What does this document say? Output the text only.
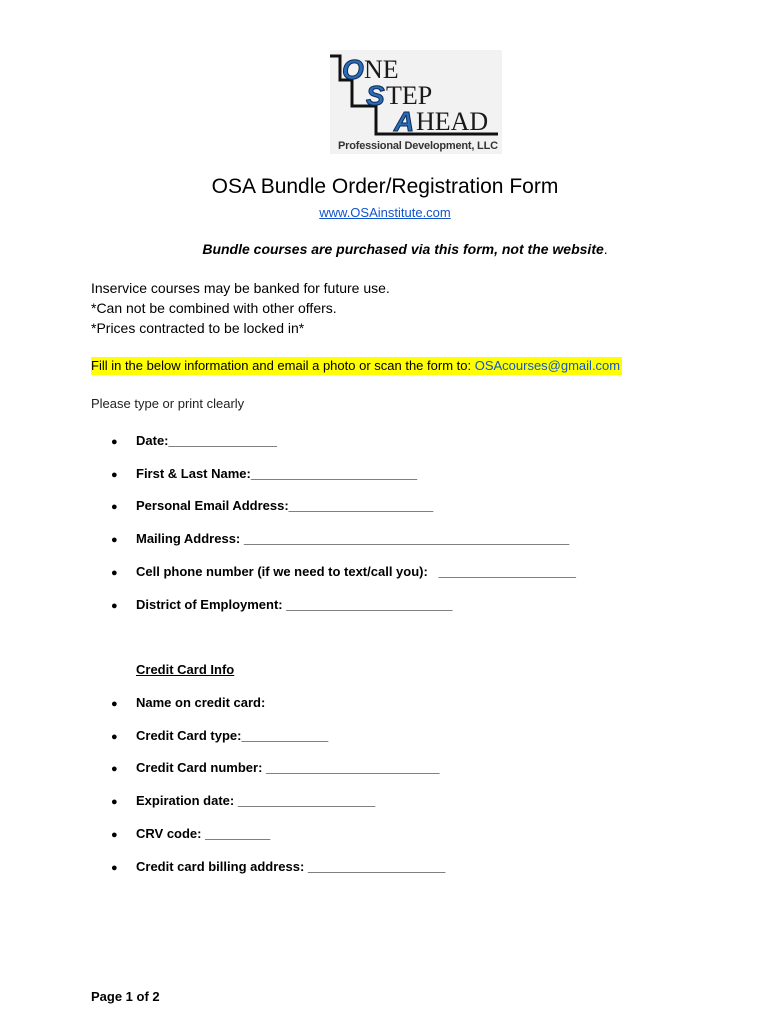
O NE
S TEP
A HEAD
Professional Development, LLC
OSA Bundle Order/Registration Form
www.OSAinstitute.com
Bundle courses are purchased via this form, not the website.
Inservice courses may be banked for future use.
*Can not be combined with other offers.
*Prices contracted to be locked in*
Fill in the below information and email a photo or scan the form to: OSAcourses@gmail.com
Please type or print clearly
● Date:_______________
● First & Last Name:_______________________
● Personal Email Address:____________________
● Mailing Address: _____________________________________________
● Cell phone number (if we need to text/call you):   ___________________
● District of Employment: _______________________
Credit Card Info
● Name on credit card:
● Credit Card type:____________
● Credit Card number: ________________________
● Expiration date: ___________________
● CRV code: _________
● Credit card billing address: ___________________
Page 1 of 2
